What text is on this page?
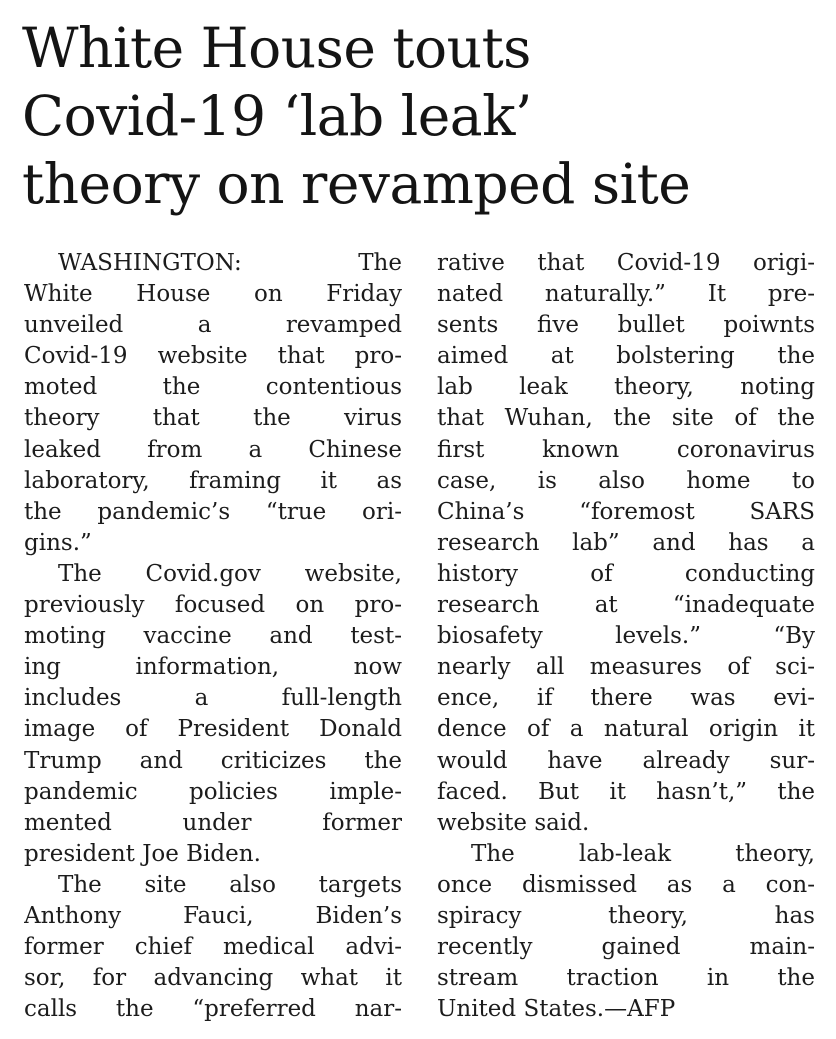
White House touts
Covid-19 ‘lab leak’
theory on revamped site
WASHINGTON: The
White House on Friday
unveiled a revamped
Covid-19 website that pro-
moted the contentious
theory that the virus
leaked from a Chinese
laboratory, framing it as
the pandemic’s “true ori-
gins.”
The Covid.gov website,
previously focused on pro-
moting vaccine and test-
ing information, now
includes a full-length
image of President Donald
Trump and criticizes the
pandemic policies imple-
mented under former
president Joe Biden.
The site also targets
Anthony Fauci, Biden’s
former chief medical advi-
sor, for advancing what it
calls the “preferred nar-
rative that Covid-19 origi-
nated naturally.” It pre-
sents five bullet poiwnts
aimed at bolstering the
lab leak theory, noting
that Wuhan, the site of the
first known coronavirus
case, is also home to
China’s “foremost SARS
research lab” and has a
history of conducting
research at “inadequate
biosafety levels.” “By
nearly all measures of sci-
ence, if there was evi-
dence of a natural origin it
would have already sur-
faced. But it hasn’t,” the
website said.
The lab-leak theory,
once dismissed as a con-
spiracy theory, has
recently gained main-
stream traction in the
United States.—AFP
